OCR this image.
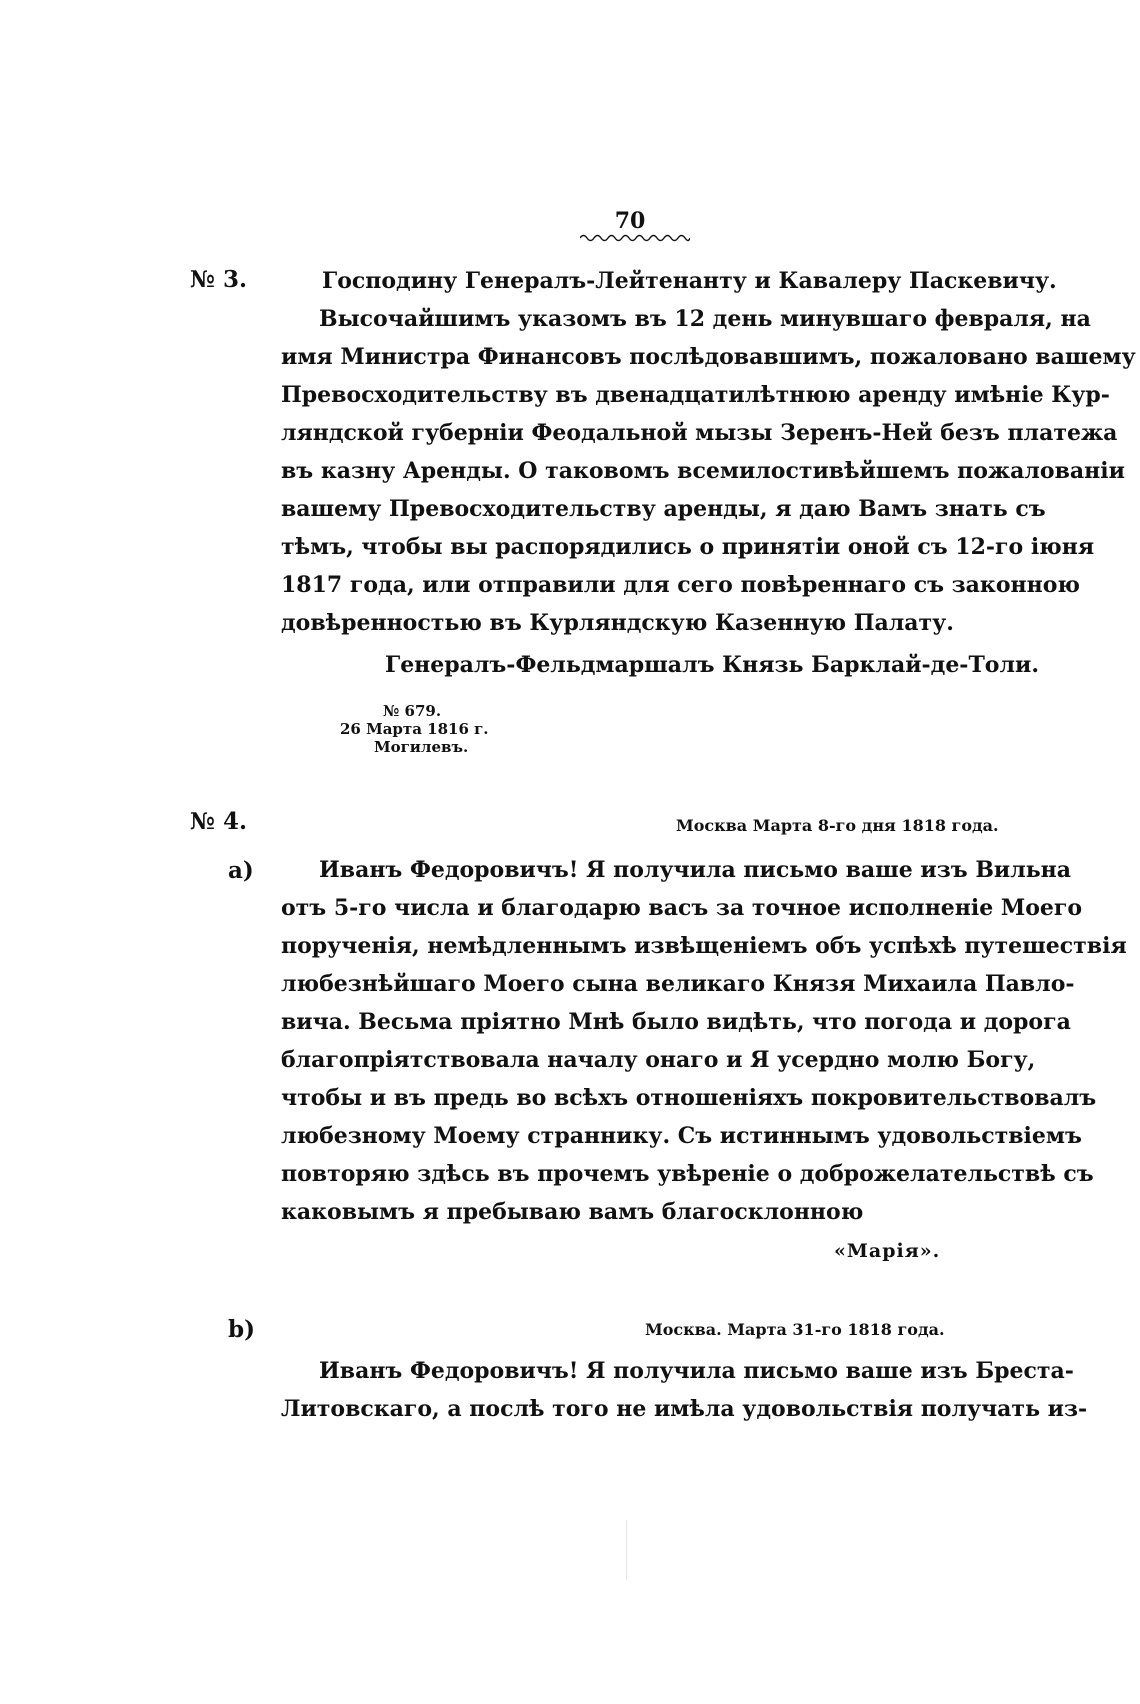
70
№ 3.	Господину Генералъ-Лейтенанту и Кавалеру Паскевичу.
Высочайшимъ указомъ въ 12 день минувшаго февраля, на
имя Министра Финансовъ послѣдовавшимъ, пожаловано вашему
Превосходительству въ двенадцатилѣтнюю аренду имѣніе Кур-
ляндской губерніи Феодальной мызы Зеренъ-Ней безъ платежа
въ казну Аренды. О таковомъ всемилостивѣйшемъ пожалованіи
вашему Превосходительству аренды, я даю Вамъ знать съ
тѣмъ, чтобы вы распорядились о принятіи оной съ 12-го іюня
1817 года, или отправили для сего повѣреннаго съ законною
довѣренностью въ Курляндскую Казенную Палату.
Генералъ-Фельдмаршалъ Князь Барклай-де-Толи.
№ 679.
26 Марта 1816 г.
Могилевъ.
№ 4.	Москва Марта 8-го дня 1818 года.
a)	Иванъ Федоровичъ! Я получила письмо ваше изъ Вильна
отъ 5-го числа и благодарю васъ за точное исполненіе Моего
порученія, немѣдленнымъ извѣщеніемъ объ успѣхѣ путешествія
любезнѣйшаго Моего сына великаго Князя Михаила Павло-
вича. Весьма пріятно Мнѣ было видѣть, что погода и дорога
благопріятствовала началу онаго и Я усердно молю Богу,
чтобы и въ предь во всѣхъ отношеніяхъ покровительствовалъ
любезному Моему страннику. Съ истиннымъ удовольствіемъ
повторяю здѣсь въ прочемъ увѣреніе о доброжелательствѣ съ
каковымъ я пребываю вамъ благосклонною
«Марія».
b)	Москва. Марта 31-го 1818 года.
Иванъ Федоровичъ! Я получила письмо ваше изъ Бреста-
Литовскаго, а послѣ того не имѣла удовольствія получать из-
